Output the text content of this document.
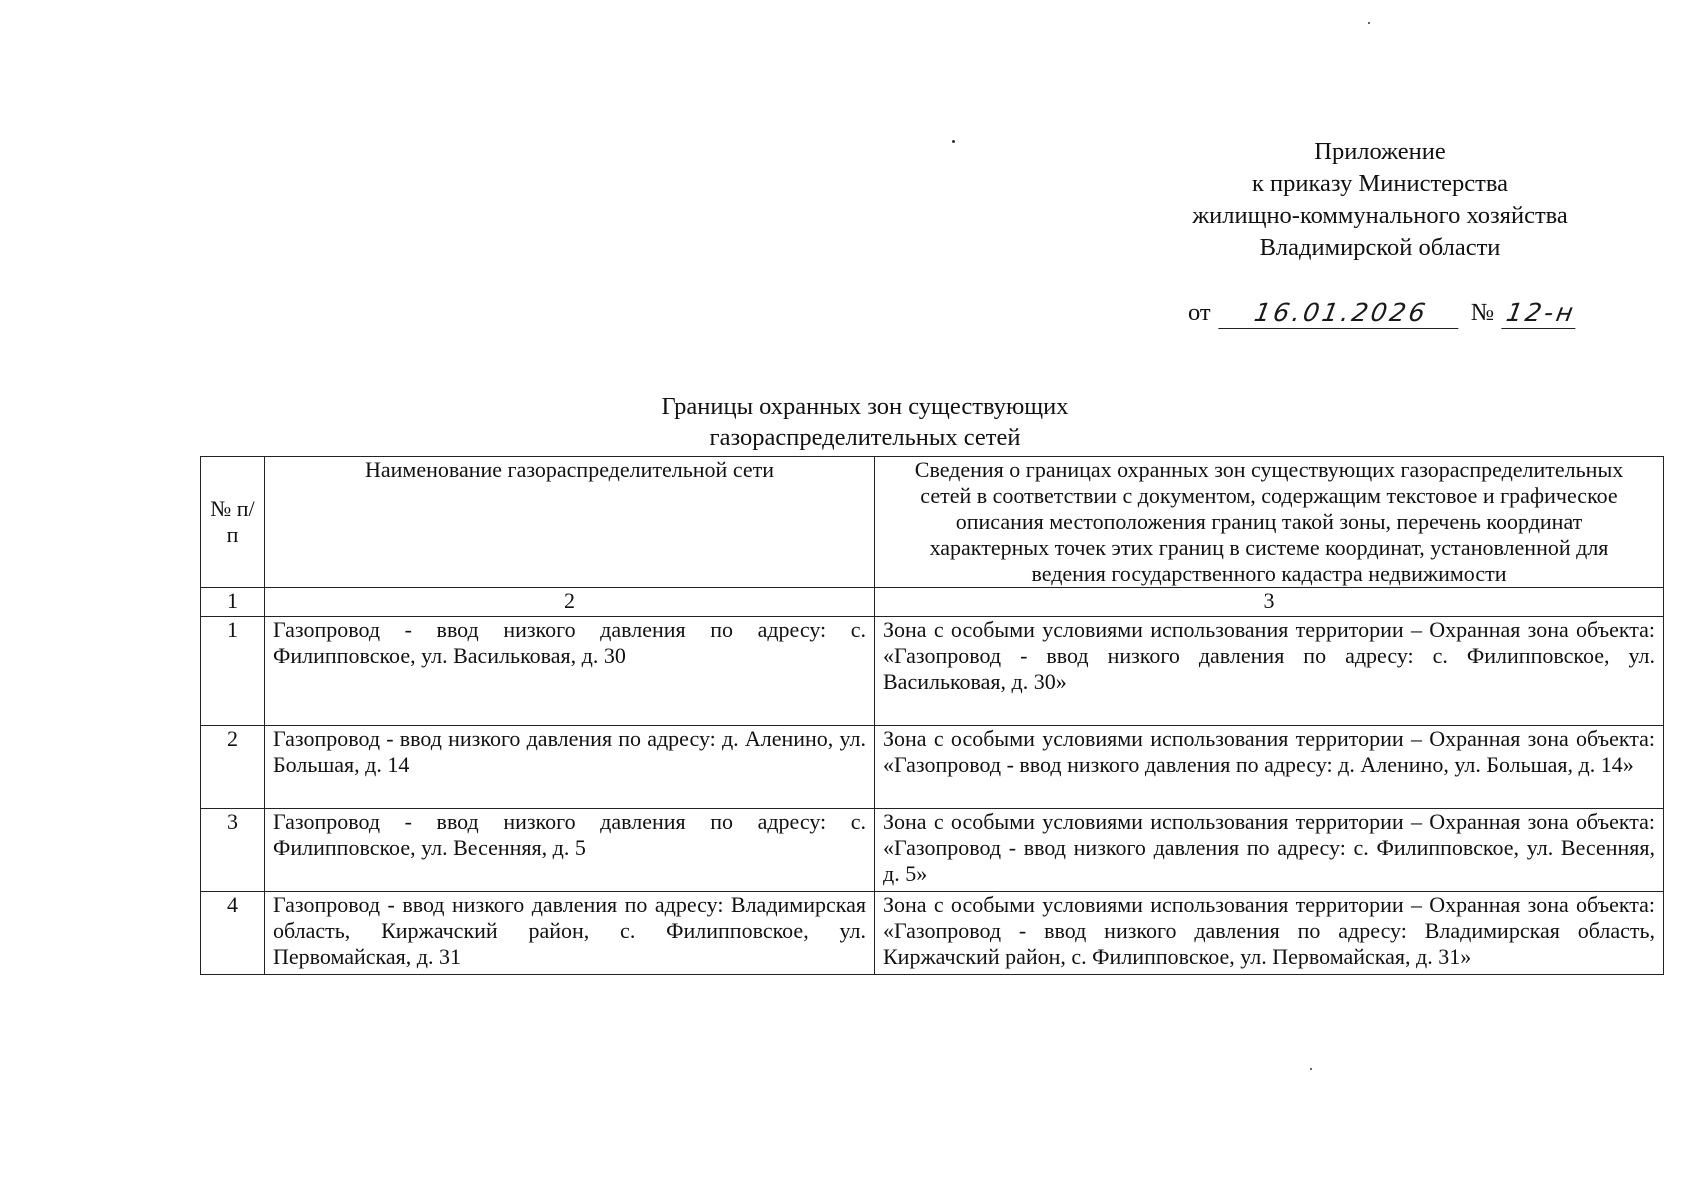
Приложение
к приказу Министерства
жилищно-коммунального хозяйства
Владимирской области
от 16.01.2026 № 12-н
Границы охранных зон существующих
газораспределительных сетей
№ п/п	Наименование газораспределительной сети	Сведения о границах охранных зон существующих газораспределительных сетей в соответствии с документом, содержащим текстовое и графическое описания местоположения границ такой зоны, перечень координат характерных точек этих границ в системе координат, установленной для ведения государственного кадастра недвижимости
1	2	3
1	Газопровод - ввод низкого давления по адресу: с. Филипповское, ул. Васильковая, д. 30	Зона с особыми условиями использования территории – Охранная зона объекта: «Газопровод - ввод низкого давления по адресу: с. Филипповское, ул. Васильковая, д. 30»
2	Газопровод - ввод низкого давления по адресу: д. Аленино, ул. Большая, д. 14	Зона с особыми условиями использования территории – Охранная зона объекта: «Газопровод - ввод низкого давления по адресу: д. Аленино, ул. Большая, д. 14»
3	Газопровод - ввод низкого давления по адресу: с. Филипповское, ул. Весенняя, д. 5	Зона с особыми условиями использования территории – Охранная зона объекта: «Газопровод - ввод низкого давления по адресу: с. Филипповское, ул. Весенняя, д. 5»
4	Газопровод - ввод низкого давления по адресу: Владимирская область, Киржачский район, с. Филипповское, ул. Первомайская, д. 31	Зона с особыми условиями использования территории – Охранная зона объекта: «Газопровод - ввод низкого давления по адресу: Владимирская область, Киржачский район, с. Филипповское, ул. Первомайская, д. 31»
